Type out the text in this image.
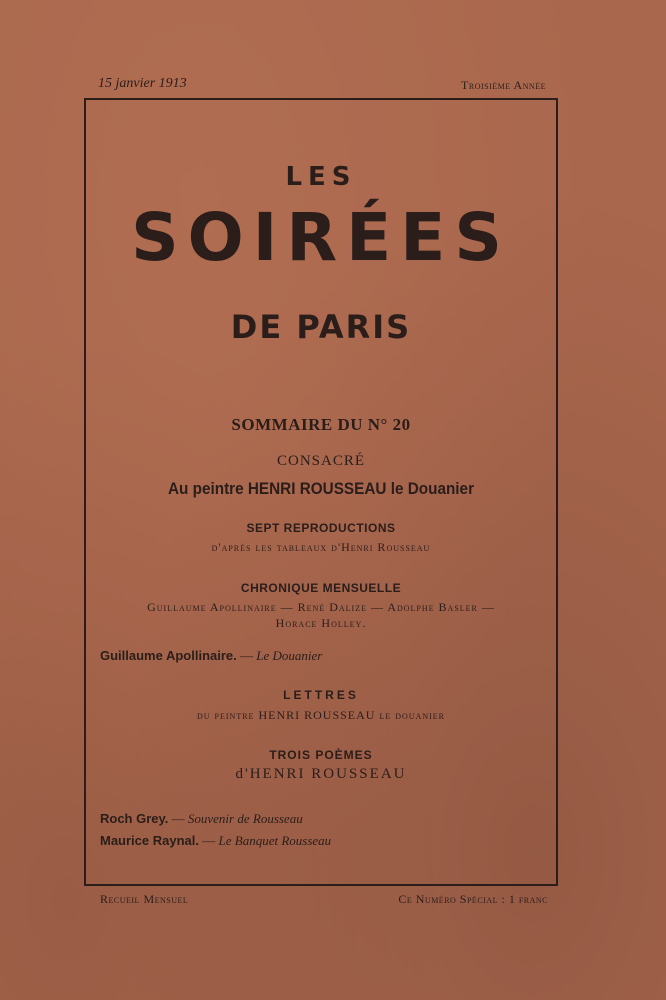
15 janvier 1913	Troisième Année
LES
SOIRÉES
DE PARIS
SOMMAIRE DU N° 20
CONSACRÉ
Au peintre HENRI ROUSSEAU le Douanier
SEPT REPRODUCTIONS
d'après les tableaux d'Henri Rousseau
CHRONIQUE MENSUELLE
Guillaume Apollinaire — René Dalize — Adolphe Basler —
Horace Holley.
Guillaume Apollinaire. — Le Douanier
LETTRES
du peintre HENRI ROUSSEAU le douanier
TROIS POÈMES
d'HENRI ROUSSEAU
Roch Grey. — Souvenir de Rousseau
Maurice Raynal. — Le Banquet Rousseau
Recueil Mensuel	Ce Numéro Spécial : 1 franc
